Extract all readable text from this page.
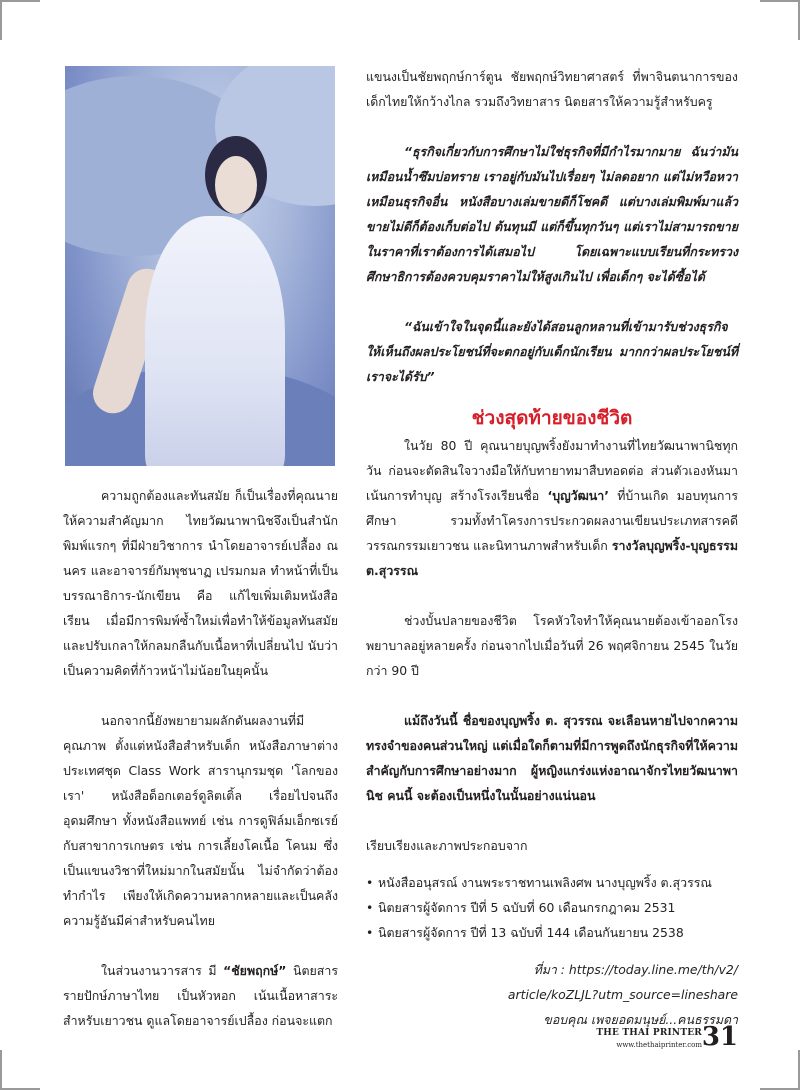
ความถูกต้องและทันสมัย ก็เป็นเรื่องที่คุณนายให้ความสำคัญมาก ไทยวัฒนาพานิชจึงเป็นสำนักพิมพ์แรกๆ ที่มีฝ่ายวิชาการ นำโดยอาจารย์เปลื้อง ณ นคร และอาจารย์กัมพุชนาฏ เปรมกมล ทำหน้าที่เป็นบรรณาธิการ-นักเขียน คือ แก้ไขเพิ่มเติมหนังสือเรียน เมื่อมีการพิมพ์ซ้ำใหม่เพื่อทำให้ข้อมูลทันสมัย และปรับเกลาให้กลมกลืนกับเนื้อหาที่เปลี่ยนไป นับว่าเป็นความคิดที่ก้าวหน้าไม่น้อยในยุคนั้น

นอกจากนี้ยังพยายามผลักดันผลงานที่มีคุณภาพ ตั้งแต่หนังสือสำหรับเด็ก หนังสือภาษาต่างประเทศชุด Class Work สารานุกรมชุด 'โลกของเรา' หนังสือด็อกเตอร์ดูลิตเติ้ล เรื่อยไปจนถึงอุดมศึกษา ทั้งหนังสือแพทย์ เช่น การดูฟิล์มเอ็กซเรย์ กับสาขาการเกษตร เช่น การเลี้ยงโคเนื้อ โคนม ซึ่งเป็นแขนงวิชาที่ใหม่มากในสมัยนั้น ไม่จำกัดว่าต้องทำกำไร เพียงให้เกิดความหลากหลายและเป็นคลังความรู้อันมีค่าสำหรับคนไทย

ในส่วนงานวารสาร มี “ชัยพฤกษ์” นิตยสารรายปักษ์ภาษาไทย เป็นหัวหอก เน้นเนื้อหาสาระสำหรับเยาวชน ดูแลโดยอาจารย์เปลื้อง ก่อนจะแตก

แขนงเป็นชัยพฤกษ์การ์ตูน ชัยพฤกษ์วิทยาศาสตร์ ที่พาจินตนาการของเด็กไทยให้กว้างไกล รวมถึงวิทยาสาร นิตยสารให้ความรู้สำหรับครู

“ธุรกิจเกี่ยวกับการศึกษาไม่ใช่ธุรกิจที่มีกำไรมากมาย ฉันว่ามันเหมือนน้ำซึมบ่อทราย เราอยู่กับมันไปเรื่อยๆ ไม่ลดอยาก แต่ไม่หวือหวาเหมือนธุรกิจอื่น หนังสือบางเล่มขายดีก็โชคดี แต่บางเล่มพิมพ์มาแล้วขายไม่ดีก็ต้องเก็บต่อไป ต้นทุนมี แต่ก็ขึ้นทุกวันๆ แต่เราไม่สามารถขายในราคาที่เราต้องการได้เสมอไป โดยเฉพาะแบบเรียนที่กระทรวงศึกษาธิการต้องควบคุมราคาไม่ให้สูงเกินไป เพื่อเด็กๆ จะได้ซื้อได้

“ฉันเข้าใจในจุดนี้และยังได้สอนลูกหลานที่เข้ามารับช่วงธุรกิจ ให้เห็นถึงผลประโยชน์ที่จะตกอยู่กับเด็กนักเรียน มากกว่าผลประโยชน์ที่เราจะได้รับ”

ช่วงสุดท้ายของชีวิต

ในวัย 80 ปี คุณนายบุญพริ้งยังมาทำงานที่ไทยวัฒนาพานิชทุกวัน ก่อนจะตัดสินใจวางมือให้กับทายาทมาสืบทอดต่อ ส่วนตัวเองหันมาเน้นการทำบุญ สร้างโรงเรียนชื่อ ‘บุญวัฒนา’ ที่บ้านเกิด มอบทุนการศึกษา รวมทั้งทำโครงการประกวดผลงานเขียนประเภทสารคดี วรรณกรรมเยาวชน และนิทานภาพสำหรับเด็ก รางวัลบุญพริ้ง-บุญธรรม ต.สุวรรณ

ช่วงบั้นปลายของชีวิต โรคหัวใจทำให้คุณนายต้องเข้าออกโรงพยาบาลอยู่หลายครั้ง ก่อนจากไปเมื่อวันที่ 26 พฤศจิกายน 2545 ในวัยกว่า 90 ปี

แม้ถึงวันนี้ ชื่อของบุญพริ้ง ต. สุวรรณ จะเลือนหายไปจากความทรงจำของคนส่วนใหญ่ แต่เมื่อใดก็ตามที่มีการพูดถึงนักธุรกิจที่ให้ความสำคัญกับการศึกษาอย่างมาก ผู้หญิงแกร่งแห่งอาณาจักรไทยวัฒนาพานิช คนนี้ จะต้องเป็นหนึ่งในนั้นอย่างแน่นอน

เรียบเรียงและภาพประกอบจาก

• หนังสืออนุสรณ์ งานพระราชทานเพลิงศพ นางบุญพริ้ง ต.สุวรรณ
• นิตยสารผู้จัดการ ปีที่ 5 ฉบับที่ 60 เดือนกรกฎาคม 2531
• นิตยสารผู้จัดการ ปีที่ 13 ฉบับที่ 144 เดือนกันยายน 2538

ที่มา : https://today.line.me/th/v2/

article/koZLJL?utm_source=lineshare

ขอบคุณ เพจยอดมนุษย์...คนธรรมดา

THE THAI PRINTER
www.thethaiprinter.com 31
